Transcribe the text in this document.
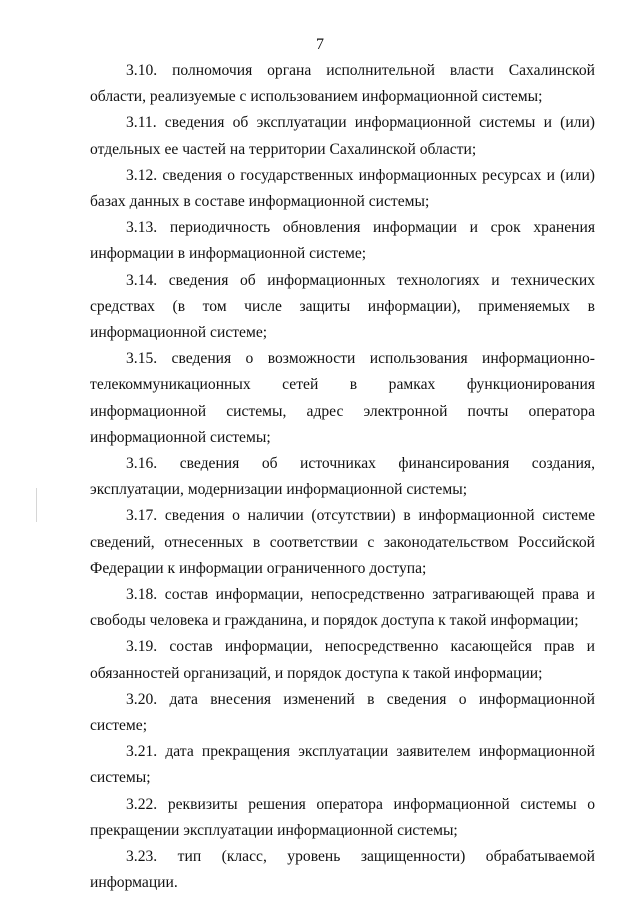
7

3.10. полномочия органа исполнительной власти Сахалинской области, реализуемые с использованием информационной системы;

3.11. сведения об эксплуатации информационной системы и (или) отдельных ее частей на территории Сахалинской области;

3.12. сведения о государственных информационных ресурсах и (или) базах данных в составе информационной системы;

3.13. периодичность обновления информации и срок хранения информации в информационной системе;

3.14. сведения об информационных технологиях и технических средствах (в том числе защиты информации), применяемых в информационной системе;

3.15. сведения о возможности использования информационно-телекоммуникационных сетей в рамках функционирования информационной системы, адрес электронной почты оператора информационной системы;

3.16. сведения об источниках финансирования создания, эксплуатации, модернизации информационной системы;

3.17. сведения о наличии (отсутствии) в информационной системе сведений, отнесенных в соответствии с законодательством Российской Федерации к информации ограниченного доступа;

3.18. состав информации, непосредственно затрагивающей права и свободы человека и гражданина, и порядок доступа к такой информации;

3.19. состав информации, непосредственно касающейся прав и обязанностей организаций, и порядок доступа к такой информации;

3.20. дата внесения изменений в сведения о информационной системе;

3.21. дата прекращения эксплуатации заявителем информационной системы;

3.22. реквизиты решения оператора информационной системы о прекращении эксплуатации информационной системы;

3.23. тип (класс, уровень защищенности) обрабатываемой информации.
